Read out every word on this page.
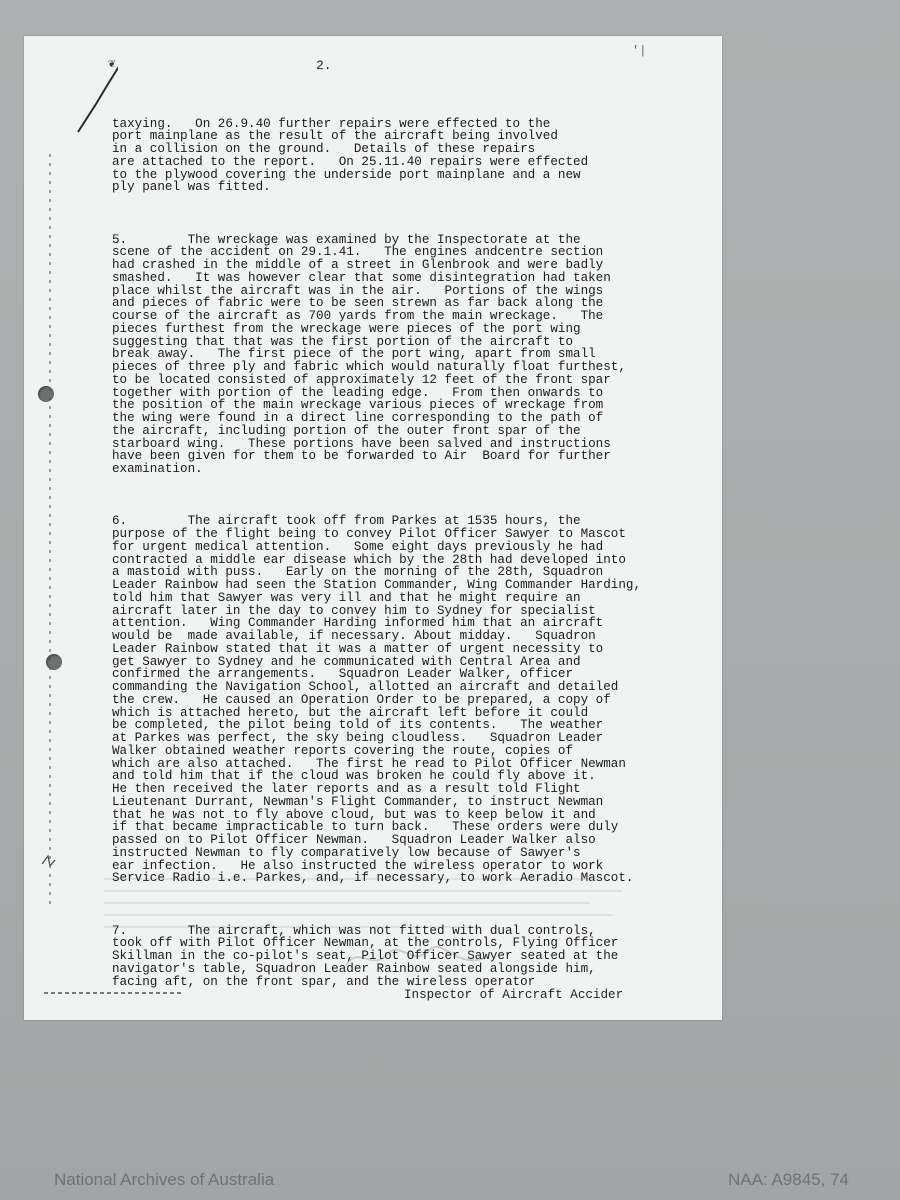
❦
'|
2.

taxying.   On 26.9.40 further repairs were effected to the
port mainplane as the result of the aircraft being involved
in a collision on the ground.   Details of these repairs
are attached to the report.   On 25.11.40 repairs were effected
to the plywood covering the underside port mainplane and a new
ply panel was fitted.

5.        The wreckage was examined by the Inspectorate at the
scene of the accident on 29.1.41.   The engines andcentre section
had crashed in the middle of a street in Glenbrook and were badly
smashed.   It was however clear that some disintegration had taken
place whilst the aircraft was in the air.   Portions of the wings
and pieces of fabric were to be seen strewn as far back along the
course of the aircraft as 700 yards from the main wreckage.   The
pieces furthest from the wreckage were pieces of the port wing
suggesting that that was the first portion of the aircraft to
break away.   The first piece of the port wing, apart from small
pieces of three ply and fabric which would naturally float furthest,
to be located consisted of approximately 12 feet of the front spar
together with portion of the leading edge.   From then onwards to
the position of the main wreckage various pieces of wreckage from
the wing were found in a direct line corresponding to the path of
the aircraft, including portion of the outer front spar of the
starboard wing.   These portions have been salved and instructions
have been given for them to be forwarded to Air  Board for further
examination.

6.        The aircraft took off from Parkes at 1535 hours, the
purpose of the flight being to convey Pilot Officer Sawyer to Mascot
for urgent medical attention.   Some eight days previously he had
contracted a middle ear disease which by the 28th had developed into
a mastoid with puss.   Early on the morning of the 28th, Squadron
Leader Rainbow had seen the Station Commander, Wing Commander Harding,
told him that Sawyer was very ill and that he might require an
aircraft later in the day to convey him to Sydney for specialist
attention.   Wing Commander Harding informed him that an aircraft
would be  made available, if necessary. About midday.   Squadron
Leader Rainbow stated that it was a matter of urgent necessity to
get Sawyer to Sydney and he communicated with Central Area and
confirmed the arrangements.   Squadron Leader Walker, officer
commanding the Navigation School, allotted an aircraft and detailed
the crew.   He caused an Operation Order to be prepared, a copy of
which is attached hereto, but the aircraft left before it could
be completed, the pilot being told of its contents.   The weather
at Parkes was perfect, the sky being cloudless.   Squadron Leader
Walker obtained weather reports covering the route, copies of
which are also attached.   The first he read to Pilot Officer Newman
and told him that if the cloud was broken he could fly above it.
He then received the later reports and as a result told Flight
Lieutenant Durrant, Newman's Flight Commander, to instruct Newman
that he was not to fly above cloud, but was to keep below it and
if that became impracticable to turn back.   These orders were duly
passed on to Pilot Officer Newman.   Squadron Leader Walker also
instructed Newman to fly comparatively low because of Sawyer's
ear infection.   He also instructed the wireless operator to work
Service Radio i.e. Parkes, and, if necessary, to work Aeradio Mascot.

7.        The aircraft, which was not fitted with dual controls,
took off with Pilot Officer Newman, at the controls, Flying Officer
Skillman in the co-pilot's seat, Pilot Officer Sawyer seated at the
navigator's table, Squadron Leader Rainbow seated alongside him,
facing aft, on the front spar, and the wireless operator

Inspector of Aircraft Accider
National Archives of Australia	NAA: A9845, 74
